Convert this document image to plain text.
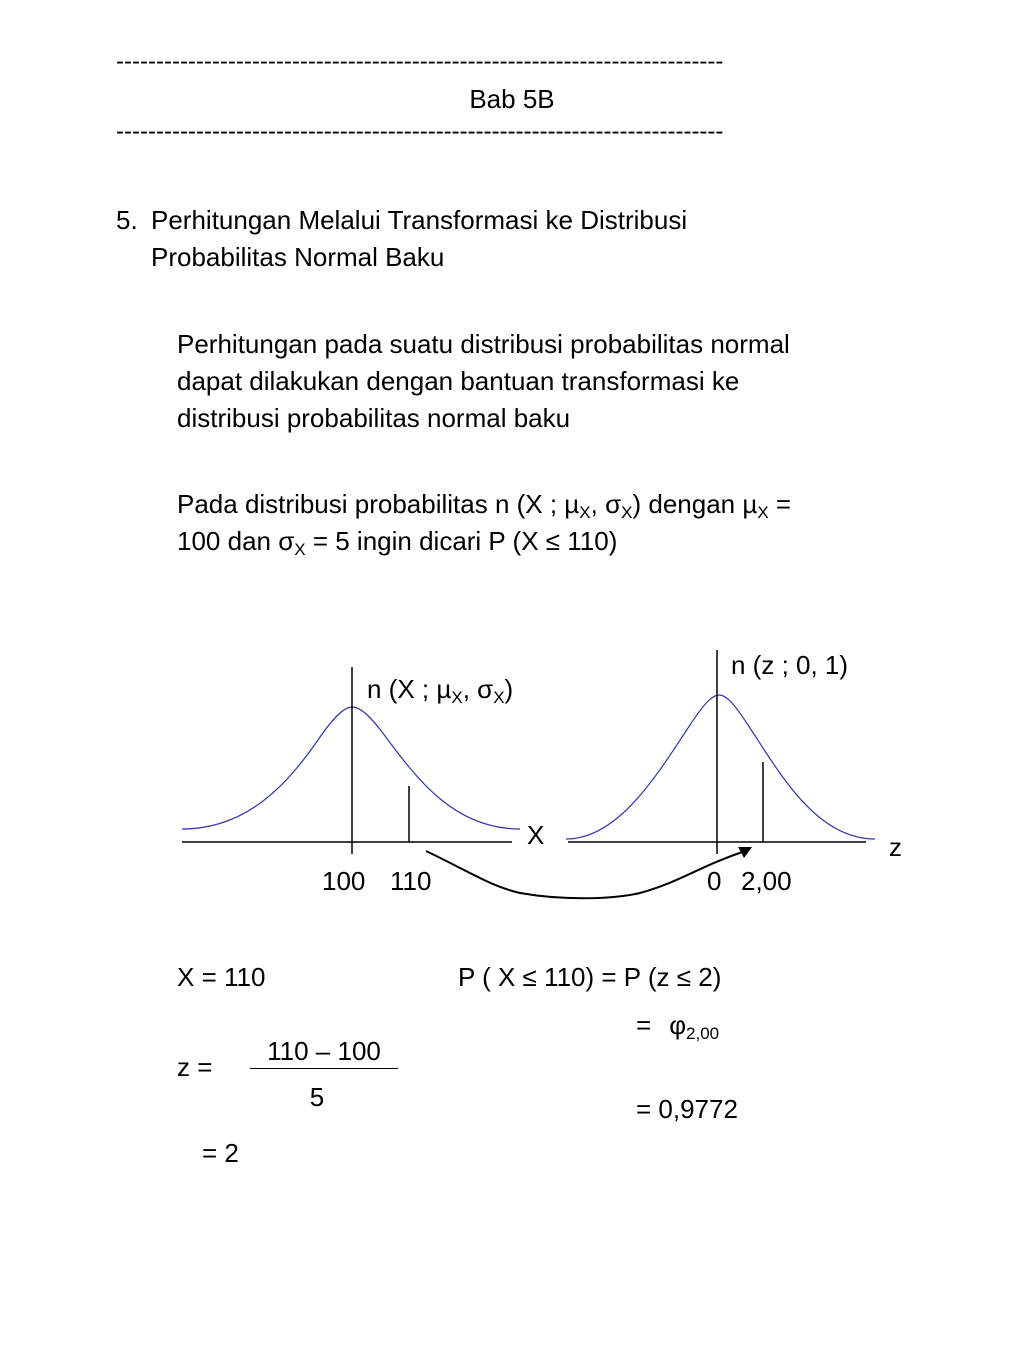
----------------------------------------------------------------------------
Bab 5B
----------------------------------------------------------------------------
5. Perhitungan Melalui Transformasi ke Distribusi
Probabilitas Normal Baku
Perhitungan pada suatu distribusi probabilitas normal
dapat dilakukan dengan bantuan transformasi ke
distribusi probabilitas normal baku
Pada distribusi probabilitas n (X ; µ$_X$, $\sigma_X$) dengan µ$_X$ =
100 dan $\sigma_X = 5$ ingin dicari P (X ≤ 110)
n (X ; µ$_X$, $\sigma_X$)
X
100 110
n (z ; 0, 1)
z
0 2,00
X = 110	P ( X ≤ 110) = P (z ≤ 2)
= $\varphi_{2,00}$
z =
110 – 100
5	= 0,9772
= 2
